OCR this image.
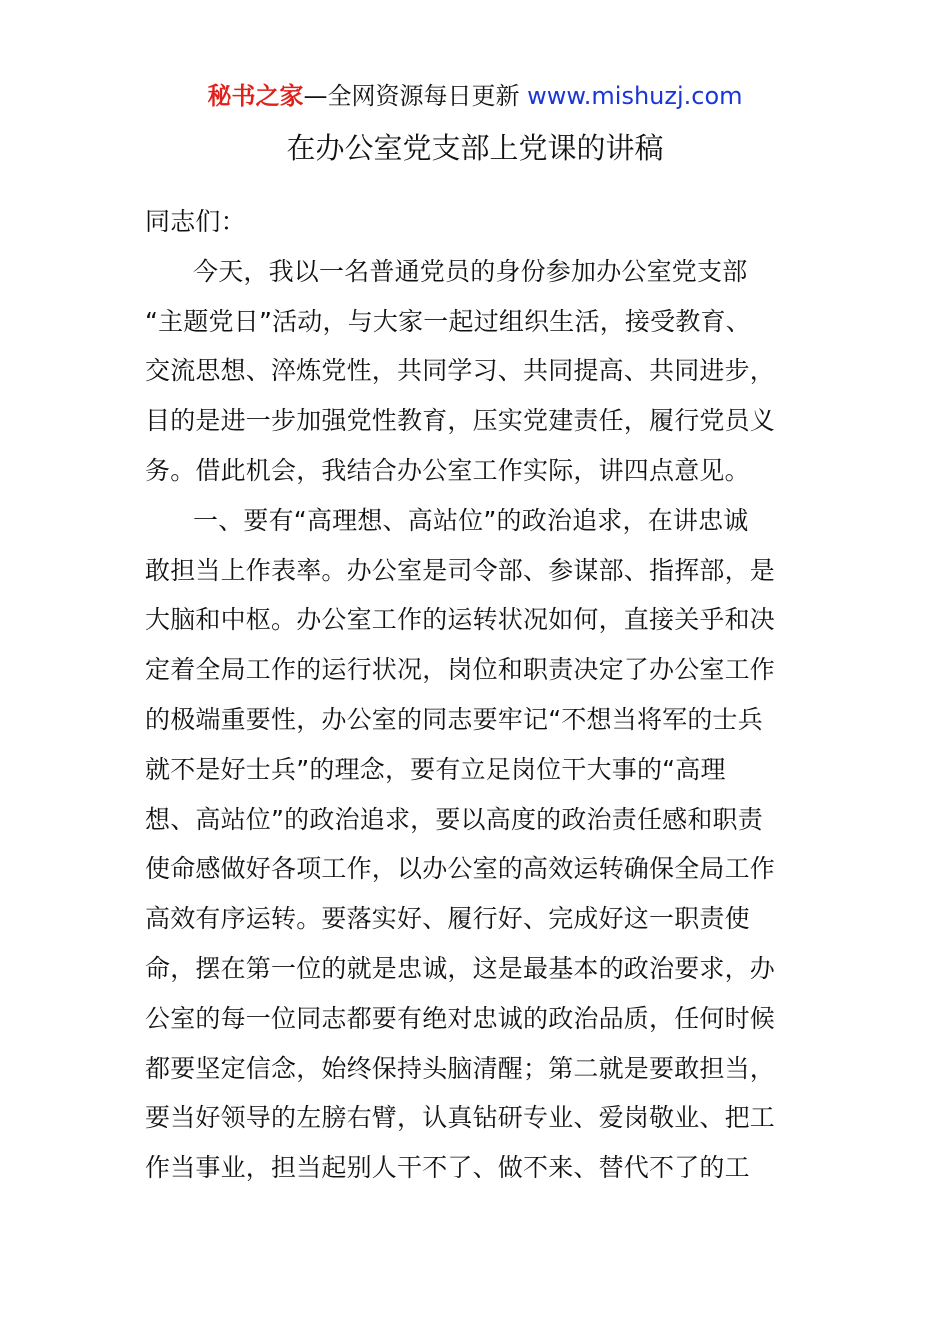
秘书之家—全网资源每日更新 www.mishuzj.com
在办公室党支部上党课的讲稿
同志们：
今天，我以一名普通党员的身份参加办公室党支部
“主题党日”活动，与大家一起过组织生活，接受教育、
交流思想、淬炼党性，共同学习、共同提高、共同进步，
目的是进一步加强党性教育，压实党建责任，履行党员义
务。借此机会，我结合办公室工作实际，讲四点意见。
一、要有“高理想、高站位”的政治追求，在讲忠诚
敢担当上作表率。办公室是司令部、参谋部、指挥部，是
大脑和中枢。办公室工作的运转状况如何，直接关乎和决
定着全局工作的运行状况，岗位和职责决定了办公室工作
的极端重要性，办公室的同志要牢记“不想当将军的士兵
就不是好士兵”的理念，要有立足岗位干大事的“高理
想、高站位”的政治追求，要以高度的政治责任感和职责
使命感做好各项工作，以办公室的高效运转确保全局工作
高效有序运转。要落实好、履行好、完成好这一职责使
命，摆在第一位的就是忠诚，这是最基本的政治要求，办
公室的每一位同志都要有绝对忠诚的政治品质，任何时候
都要坚定信念，始终保持头脑清醒；第二就是要敢担当，
要当好领导的左膀右臂，认真钻研专业、爱岗敬业、把工
作当事业，担当起别人干不了、做不来、替代不了的工
